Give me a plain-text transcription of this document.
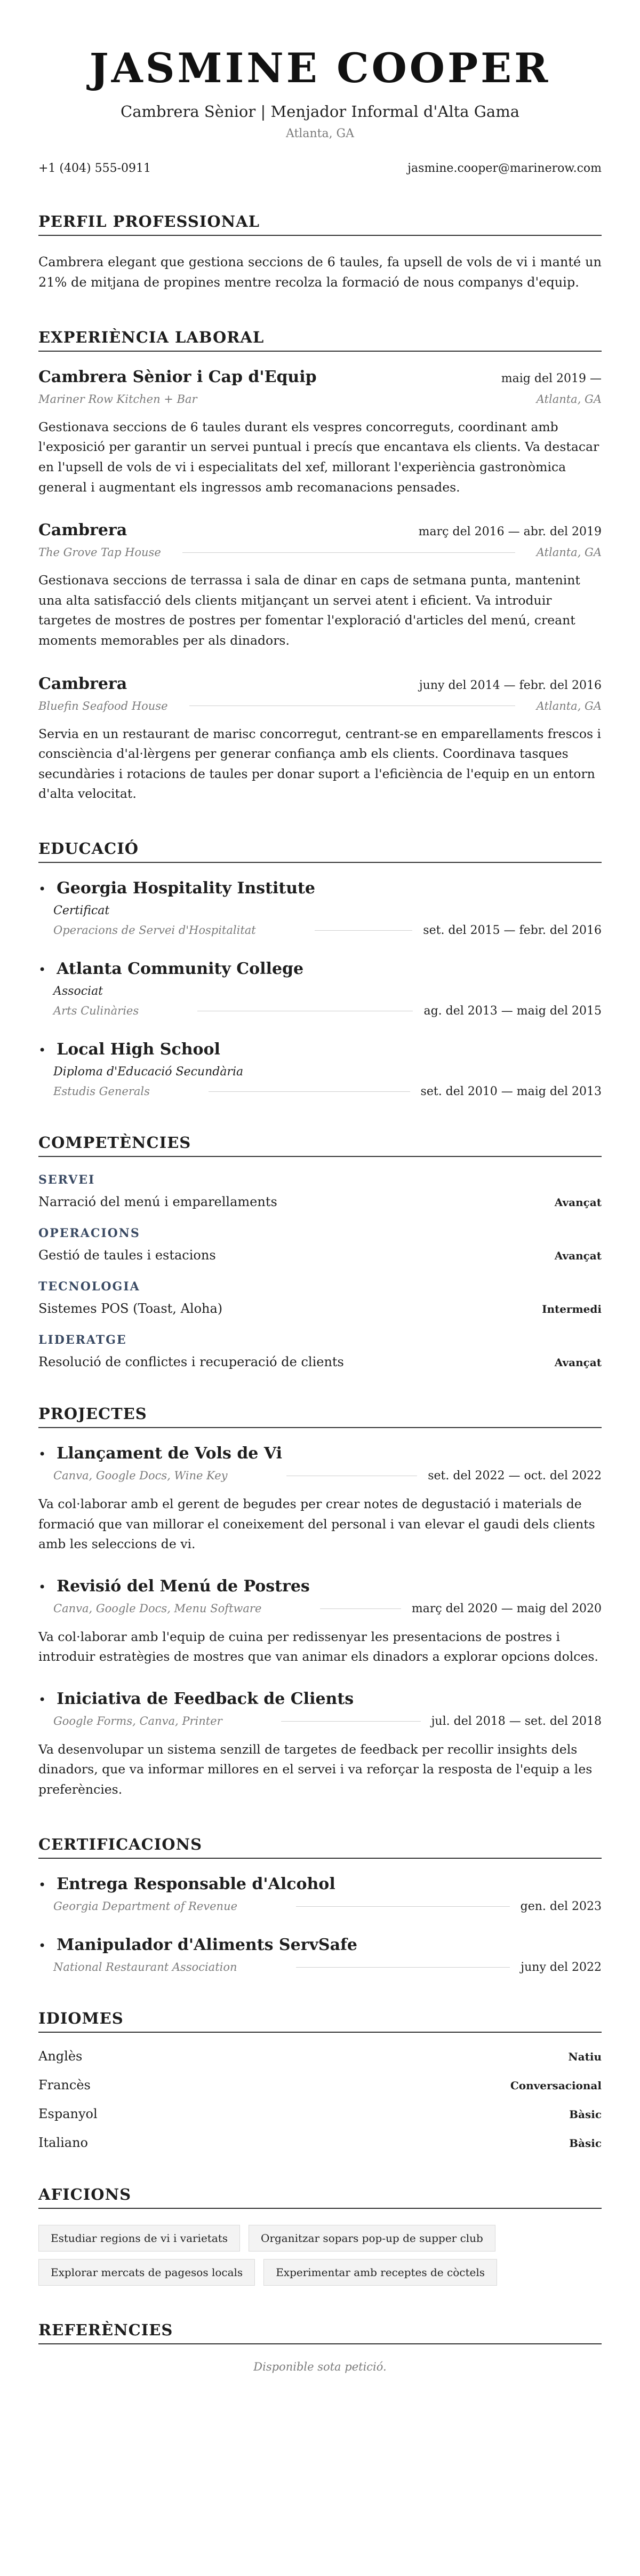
JASMINE COOPER
Cambrera Sènior | Menjador Informal d'Alta Gama
Atlanta, GA
+1 (404) 555-0911	jasmine.cooper@marinerow.com
PERFIL PROFESSIONAL

Cambrera elegant que gestiona seccions de 6 taules, fa upsell de vols de vi i manté un 21% de mitjana de propines mentre recolza la formació de nous companys d'equip.

EXPERIÈNCIA LABORAL
Cambrera Sènior i Cap d'Equip	maig del 2019 —
Mariner Row Kitchen + Bar	Atlanta, GA

Gestionava seccions de 6 taules durant els vespres concorreguts, coordinant amb l'exposició per garantir un servei puntual i precís que encantava els clients. Va destacar en l'upsell de vols de vi i especialitats del xef, millorant l'experiència gastronòmica general i augmentant els ingressos amb recomanacions pensades.

Cambrera	març del 2016 — abr. del 2019
The Grove Tap House	Atlanta, GA

Gestionava seccions de terrassa i sala de dinar en caps de setmana punta, mantenint una alta satisfacció dels clients mitjançant un servei atent i eficient. Va introduir targetes de mostres de postres per fomentar l'exploració d'articles del menú, creant moments memorables per als dinadors.

Cambrera	juny del 2014 — febr. del 2016
Bluefin Seafood House	Atlanta, GA

Servia en un restaurant de marisc concorregut, centrant-se en emparellaments frescos i consciència d'al·lèrgens per generar confiança amb els clients. Coordinava tasques secundàries i rotacions de taules per donar suport a l'eficiència de l'equip en un entorn d'alta velocitat.

EDUCACIÓ
• Georgia Hospitality Institute
Certificat
Operacions de Servei d'Hospitalitat	set. del 2015 — febr. del 2016
• Atlanta Community College
Associat
Arts Culinàries	ag. del 2013 — maig del 2015
• Local High School
Diploma d'Educació Secundària
Estudis Generals	set. del 2010 — maig del 2013
COMPETÈNCIES
SERVEI
Narració del menú i emparellaments	Avançat
OPERACIONS
Gestió de taules i estacions	Avançat
TECNOLOGIA
Sistemes POS (Toast, Aloha)	Intermedi
LIDERATGE
Resolució de conflictes i recuperació de clients	Avançat
PROJECTES
• Llançament de Vols de Vi
Canva, Google Docs, Wine Key	set. del 2022 — oct. del 2022

Va col·laborar amb el gerent de begudes per crear notes de degustació i materials de formació que van millorar el coneixement del personal i van elevar el gaudi dels clients amb les seleccions de vi.

• Revisió del Menú de Postres
Canva, Google Docs, Menu Software	març del 2020 — maig del 2020

Va col·laborar amb l'equip de cuina per redissenyar les presentacions de postres i introduir estratègies de mostres que van animar els dinadors a explorar opcions dolces.

• Iniciativa de Feedback de Clients
Google Forms, Canva, Printer	jul. del 2018 — set. del 2018

Va desenvolupar un sistema senzill de targetes de feedback per recollir insights dels dinadors, que va informar millores en el servei i va reforçar la resposta de l'equip a les preferències.

CERTIFICACIONS
• Entrega Responsable d'Alcohol
Georgia Department of Revenue	gen. del 2023
• Manipulador d'Aliments ServSafe
National Restaurant Association	juny del 2022
IDIOMES
Anglès	Natiu
Francès	Conversacional
Espanyol	Bàsic
Italiano	Bàsic
AFICIONS
Estudiar regions de vi i varietats	Organitzar sopars pop-up de supper club
Explorar mercats de pagesos locals	Experimentar amb receptes de còctels
REFERÈNCIES
Disponible sota petició.
